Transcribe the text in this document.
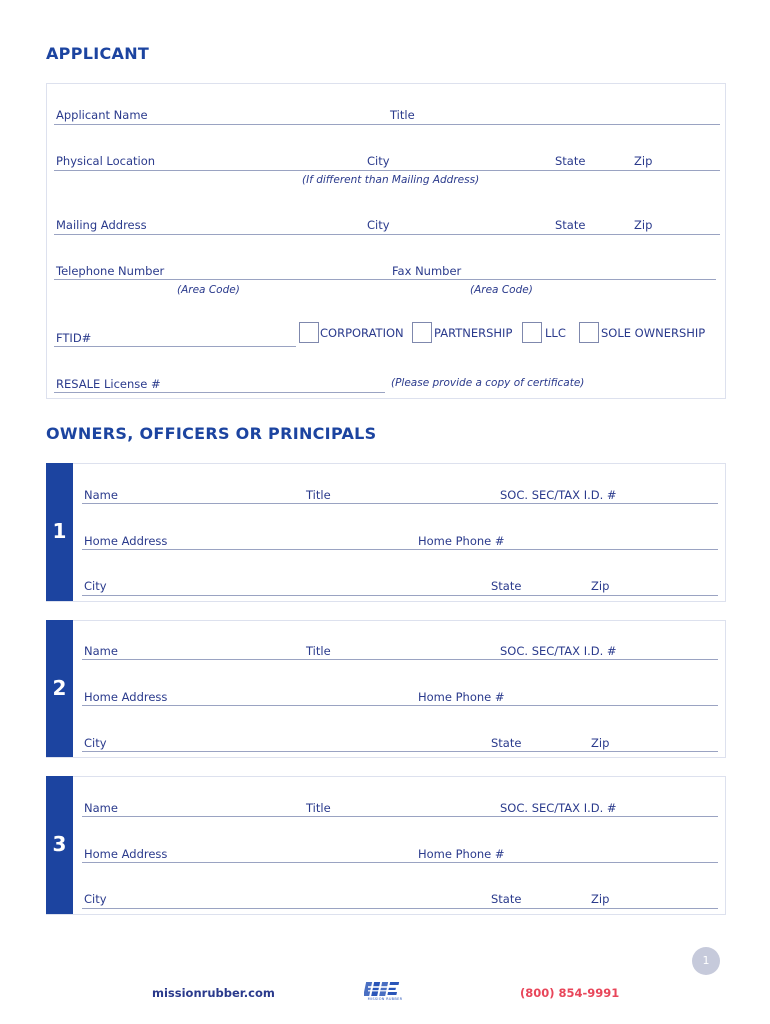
APPLICANT
Applicant Name	Title
Physical Location	City	State	Zip
(If different than Mailing Address)
Mailing Address	City	State	Zip
Telephone Number	Fax Number
(Area Code)	(Area Code)
FTID#	CORPORATION	PARTNERSHIP	LLC	SOLE OWNERSHIP
RESALE License #	(Please provide a copy of certificate)
OWNERS, OFFICERS OR PRINCIPALS
1
Name	Title	SOC. SEC/TAX I.D. #
Home Address	Home Phone #
City	State	Zip
2
Name	Title	SOC. SEC/TAX I.D. #
Home Address	Home Phone #
City	State	Zip
3
Name	Title	SOC. SEC/TAX I.D. #
Home Address	Home Phone #
City	State	Zip
1
missionrubber.com	MISSION RUBBER	(800) 854-9991
